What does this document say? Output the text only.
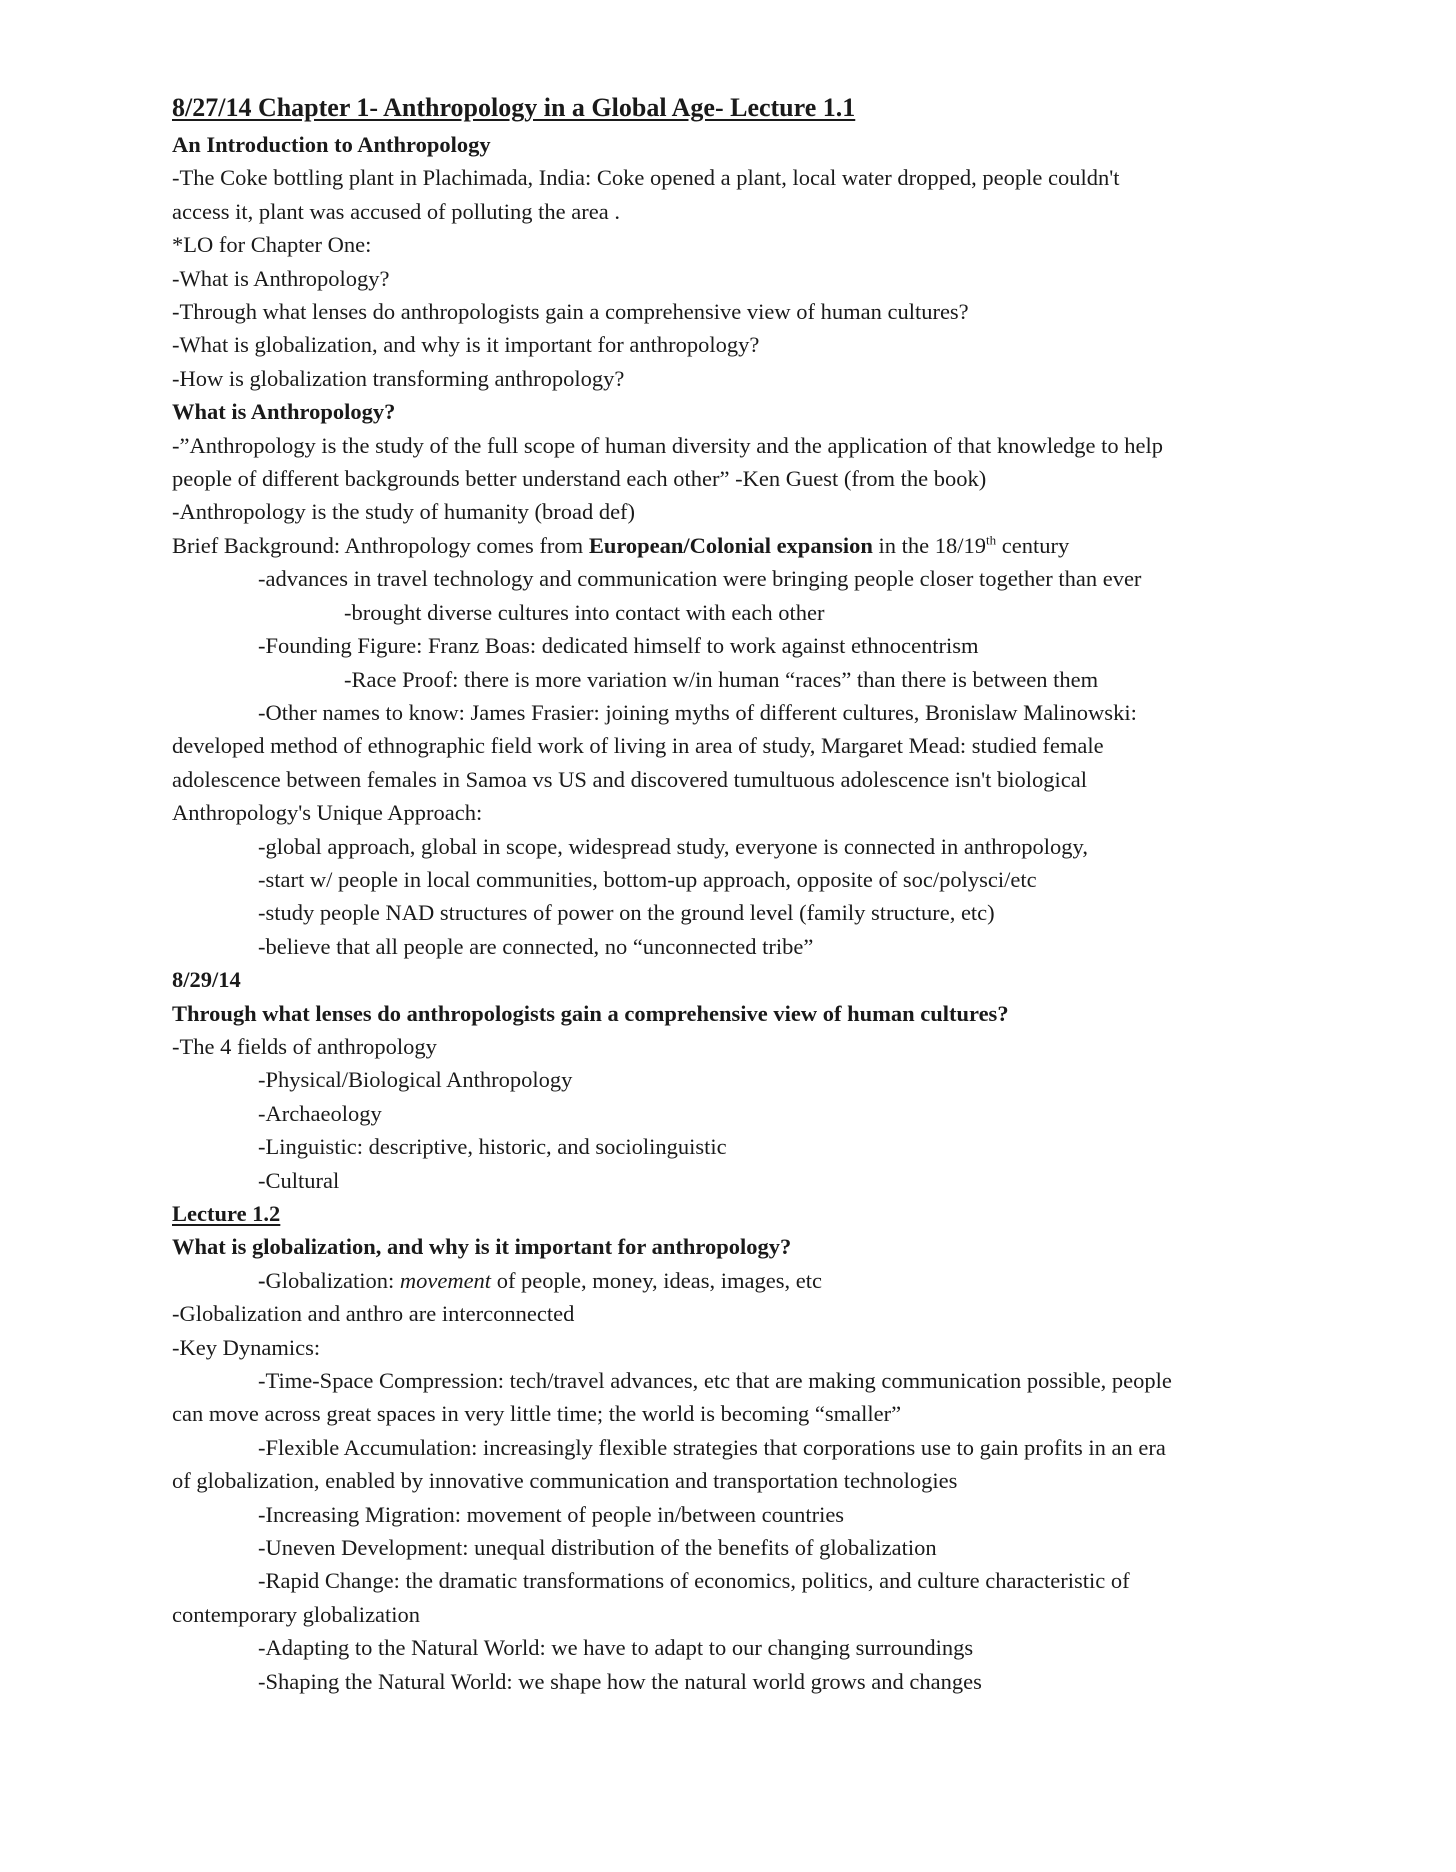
8/27/14 Chapter 1- Anthropology in a Global Age- Lecture 1.1

An Introduction to Anthropology

-The Coke bottling plant in Plachimada, India: Coke opened a plant, local water dropped, people couldn't

access it, plant was accused of polluting the area .

*LO for Chapter One:

-What is Anthropology?

-Through what lenses do anthropologists gain a comprehensive view of human cultures?

-What is globalization, and why is it important for anthropology?

-How is globalization transforming anthropology?

What is Anthropology?

-”Anthropology is the study of the full scope of human diversity and the application of that knowledge to help

people of different backgrounds better understand each other” -Ken Guest (from the book)

-Anthropology is the study of humanity (broad def)

Brief Background: Anthropology comes from European/Colonial expansion in the 18/19th century

-advances in travel technology and communication were bringing people closer together than ever

-brought diverse cultures into contact with each other

-Founding Figure: Franz Boas: dedicated himself to work against ethnocentrism

-Race Proof: there is more variation w/in human “races” than there is between them

-Other names to know: James Frasier: joining myths of different cultures, Bronislaw Malinowski:

developed method of ethnographic field work of living in area of study, Margaret Mead: studied female

adolescence between females in Samoa vs US and discovered tumultuous adolescence isn't biological

Anthropology's Unique Approach:

-global approach, global in scope, widespread study, everyone is connected in anthropology,

-start w/ people in local communities, bottom-up approach, opposite of soc/polysci/etc

-study people NAD structures of power on the ground level (family structure, etc)

-believe that all people are connected, no “unconnected tribe”

8/29/14

Through what lenses do anthropologists gain a comprehensive view of human cultures?

-The 4 fields of anthropology

-Physical/Biological Anthropology

-Archaeology

-Linguistic: descriptive, historic, and sociolinguistic

-Cultural

Lecture 1.2

What is globalization, and why is it important for anthropology?

-Globalization: movement of people, money, ideas, images, etc

-Globalization and anthro are interconnected

-Key Dynamics:

-Time-Space Compression: tech/travel advances, etc that are making communication possible, people

can move across great spaces in very little time; the world is becoming “smaller”

-Flexible Accumulation: increasingly flexible strategies that corporations use to gain profits in an era

of globalization, enabled by innovative communication and transportation technologies

-Increasing Migration: movement of people in/between countries

-Uneven Development: unequal distribution of the benefits of globalization

-Rapid Change: the dramatic transformations of economics, politics, and culture characteristic of

contemporary globalization

-Adapting to the Natural World: we have to adapt to our changing surroundings

-Shaping the Natural World: we shape how the natural world grows and changes
